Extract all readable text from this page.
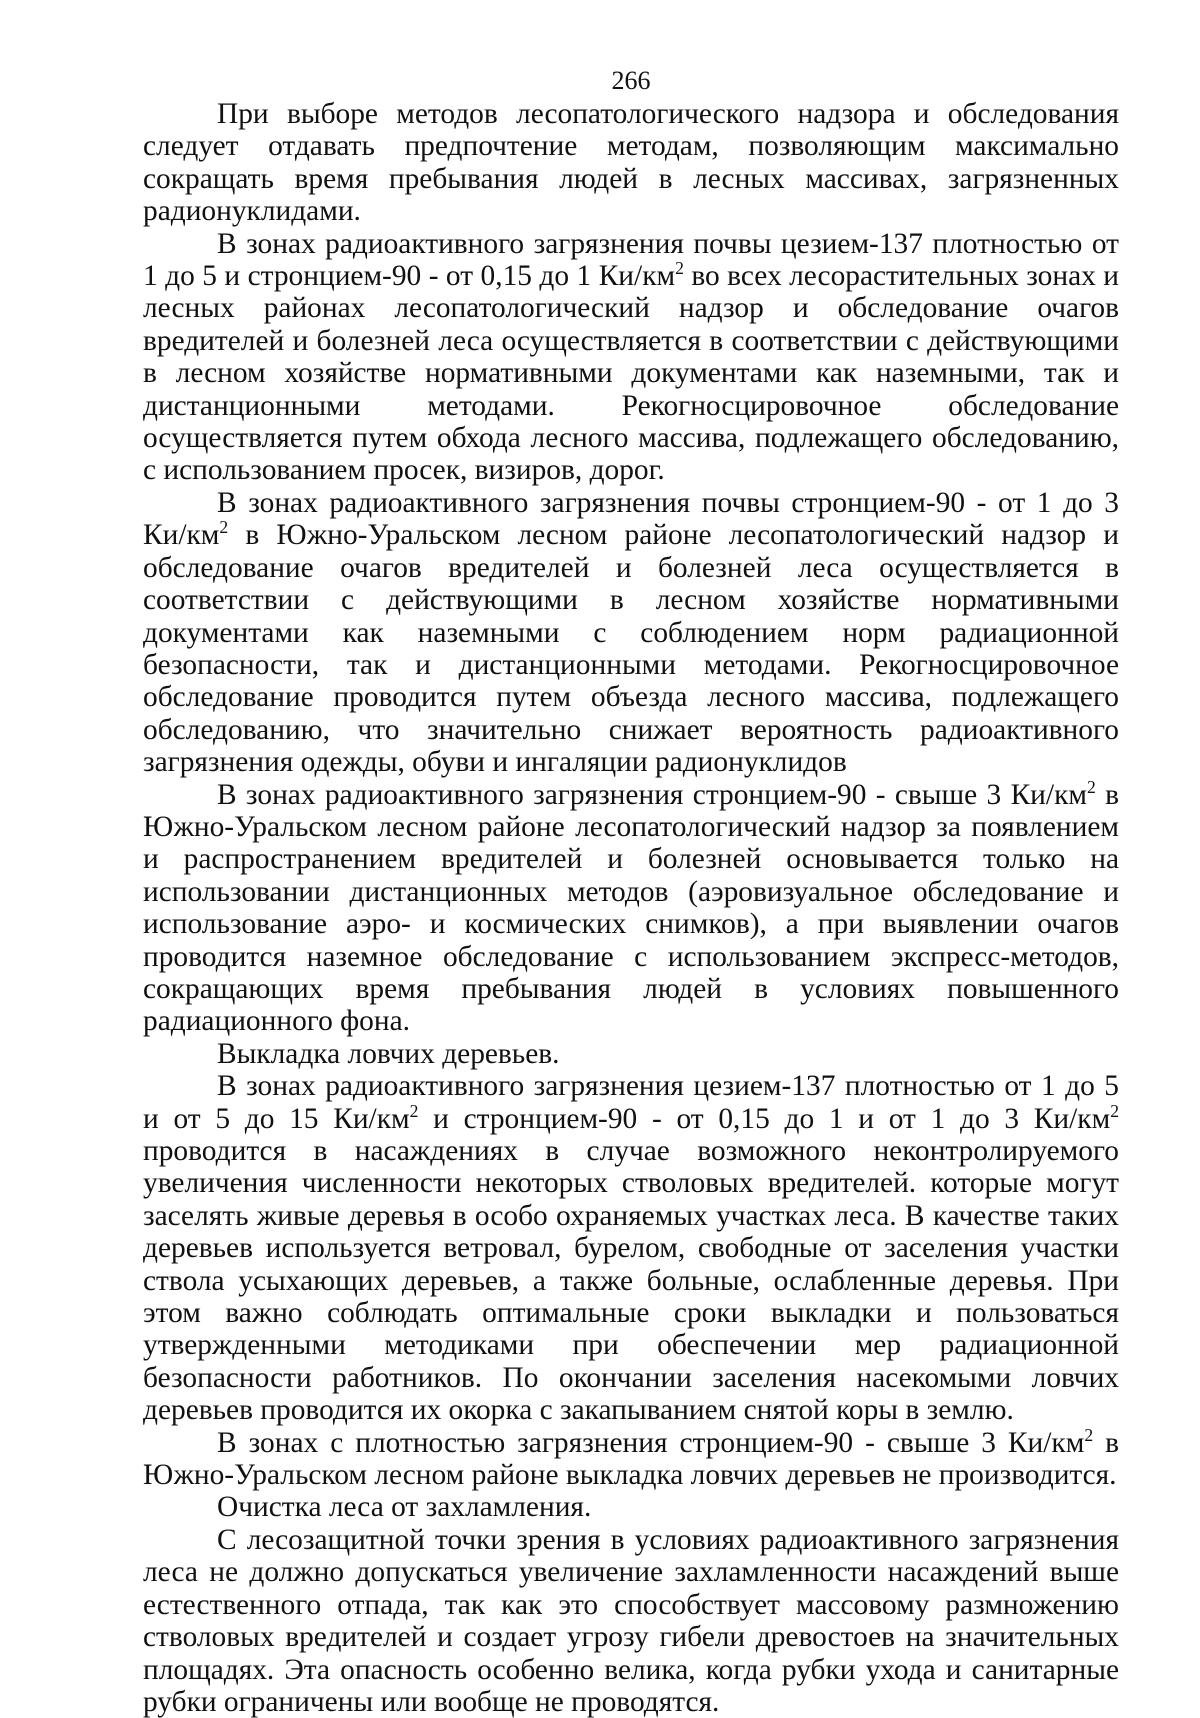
266

При выборе методов лесопатологического надзора и обследования следует отдавать предпочтение методам, позволяющим максимально сокращать время пребывания людей в лесных массивах, загрязненных радионуклидами.

В зонах радиоактивного загрязнения почвы цезием-137 плотностью от 1 до 5 и стронцием-90 - от 0,15 до 1 $Ки/км^2$ во всех лесорастительных зонах и лесных районах лесопатологический надзор и обследование очагов вредителей и болезней леса осуществляется в соответствии с действующими в лесном хозяйстве нормативными документами как наземными, так и дистанционными методами. Рекогносцировочное обследование осуществляется путем обхода лесного массива, подлежащего обследованию, с использованием просек, визиров, дорог.

В зонах радиоактивного загрязнения почвы стронцием-90 - от 1 до 3 $Ки/км^2$ в Южно-Уральском лесном районе лесопатологический надзор и обследование очагов вредителей и болезней леса осуществляется в соответствии с действующими в лесном хозяйстве нормативными документами как наземными с соблюдением норм радиационной безопасности, так и дистанционными методами. Рекогносцировочное обследование проводится путем объезда лесного массива, подлежащего обследованию, что значительно снижает вероятность радиоактивного загрязнения одежды, обуви и ингаляции радионуклидов

В зонах радиоактивного загрязнения стронцием-90 - свыше 3 $Ки/км^2$ в Южно-Уральском лесном районе лесопатологический надзор за появлением и распространением вредителей и болезней основывается только на использовании дистанционных методов (аэровизуальное обследование и использование аэро- и космических снимков), а при выявлении очагов проводится наземное обследование с использованием экспресс-методов, сокращающих время пребывания людей в условиях повышенного радиационного фона.

Выкладка ловчих деревьев.

В зонах радиоактивного загрязнения цезием-137 плотностью от 1 до 5 и от 5 до 15 $Ки/км^2$ и стронцием-90 - от 0,15 до 1 и от 1 до 3 $Ки/км^2$ проводится в насаждениях в случае возможного неконтролируемого увеличения численности некоторых стволовых вредителей. которые могут заселять живые деревья в особо охраняемых участках леса. В качестве таких деревьев используется ветровал, бурелом, свободные от заселения участки ствола усыхающих деревьев, а также больные, ослабленные деревья. При этом важно соблюдать оптимальные сроки выкладки и пользоваться утвержденными методиками при обеспечении мер радиационной безопасности работников. По окончании заселения насекомыми ловчих деревьев проводится их окорка с закапыванием снятой коры в землю.

В зонах с плотностью загрязнения стронцием-90 - свыше 3 $Ки/км^2$ в Южно-Уральском лесном районе выкладка ловчих деревьев не производится.

Очистка леса от захламления.

С лесозащитной точки зрения в условиях радиоактивного загрязнения леса не должно допускаться увеличение захламленности насаждений выше естественного отпада, так как это способствует массовому размножению стволовых вредителей и создает угрозу гибели древостоев на значительных площадях. Эта опасность особенно велика, когда рубки ухода и санитарные рубки ограничены или вообще не проводятся.
